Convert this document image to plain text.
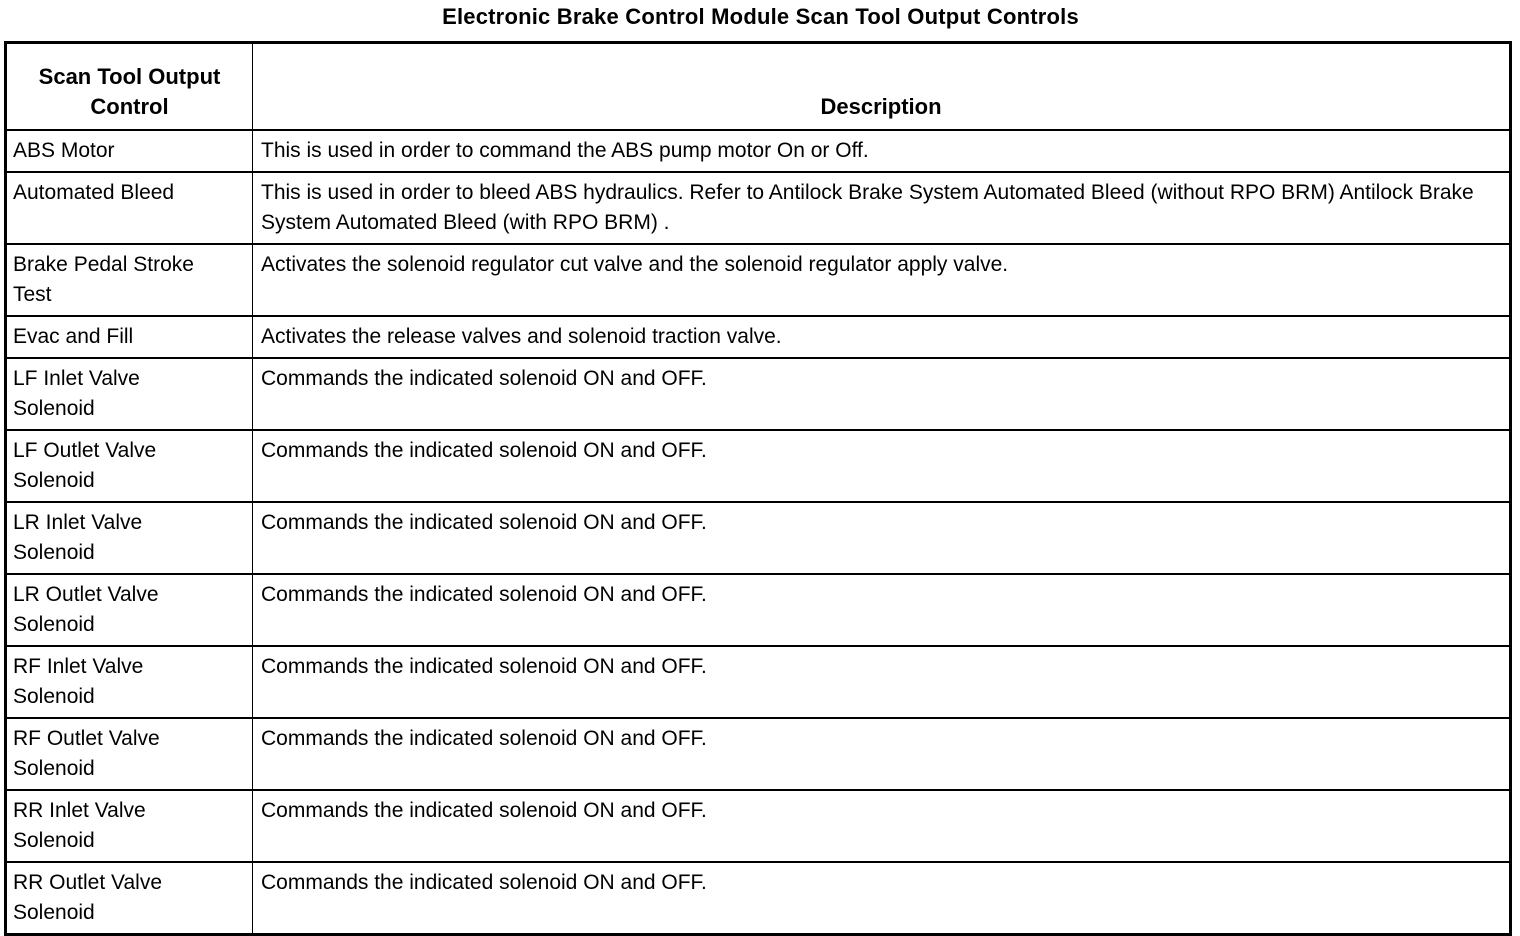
Electronic Brake Control Module Scan Tool Output Controls
Scan Tool Output Control	Description
ABS Motor	This is used in order to command the ABS pump motor On or Off.
Automated Bleed	This is used in order to bleed ABS hydraulics. Refer to Antilock Brake System Automated Bleed (without RPO BRM) Antilock Brake System Automated Bleed (with RPO BRM) .
Brake Pedal Stroke Test	Activates the solenoid regulator cut valve and the solenoid regulator apply valve.
Evac and Fill	Activates the release valves and solenoid traction valve.
LF Inlet Valve Solenoid	Commands the indicated solenoid ON and OFF.
LF Outlet Valve Solenoid	Commands the indicated solenoid ON and OFF.
LR Inlet Valve Solenoid	Commands the indicated solenoid ON and OFF.
LR Outlet Valve Solenoid	Commands the indicated solenoid ON and OFF.
RF Inlet Valve Solenoid	Commands the indicated solenoid ON and OFF.
RF Outlet Valve Solenoid	Commands the indicated solenoid ON and OFF.
RR Inlet Valve Solenoid	Commands the indicated solenoid ON and OFF.
RR Outlet Valve Solenoid	Commands the indicated solenoid ON and OFF.
